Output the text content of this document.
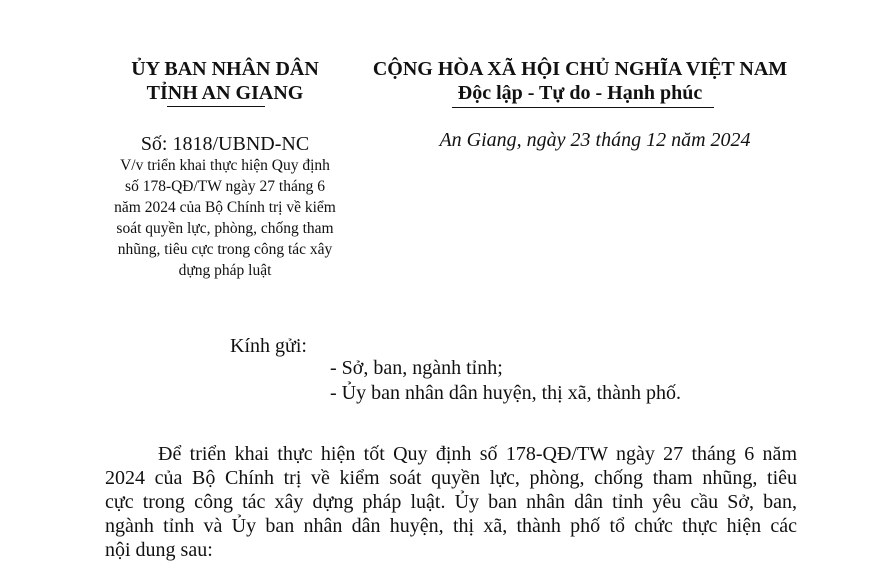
ỦY BAN NHÂN DÂN
TỈNH AN GIANG
CỘNG HÒA XÃ HỘI CHỦ NGHĨA VIỆT NAM
Độc lập - Tự do - Hạnh phúc
Số: 1818/UBND-NC	An Giang, ngày 23 tháng 12 năm 2024
V/v triển khai thực hiện Quy định
số 178-QĐ/TW ngày 27 tháng 6
năm 2024 của Bộ Chính trị về kiểm
soát quyền lực, phòng, chống tham
nhũng, tiêu cực trong công tác xây
dựng pháp luật
Kính gửi:
- Sở, ban, ngành tỉnh;
- Ủy ban nhân dân huyện, thị xã, thành phố.
Để triển khai thực hiện tốt Quy định số 178-QĐ/TW ngày 27 tháng 6 năm
2024 của Bộ Chính trị về kiểm soát quyền lực, phòng, chống tham nhũng, tiêu
cực trong công tác xây dựng pháp luật. Ủy ban nhân dân tỉnh yêu cầu Sở, ban,
ngành tỉnh và Ủy ban nhân dân huyện, thị xã, thành phố tổ chức thực hiện các
nội dung sau:
